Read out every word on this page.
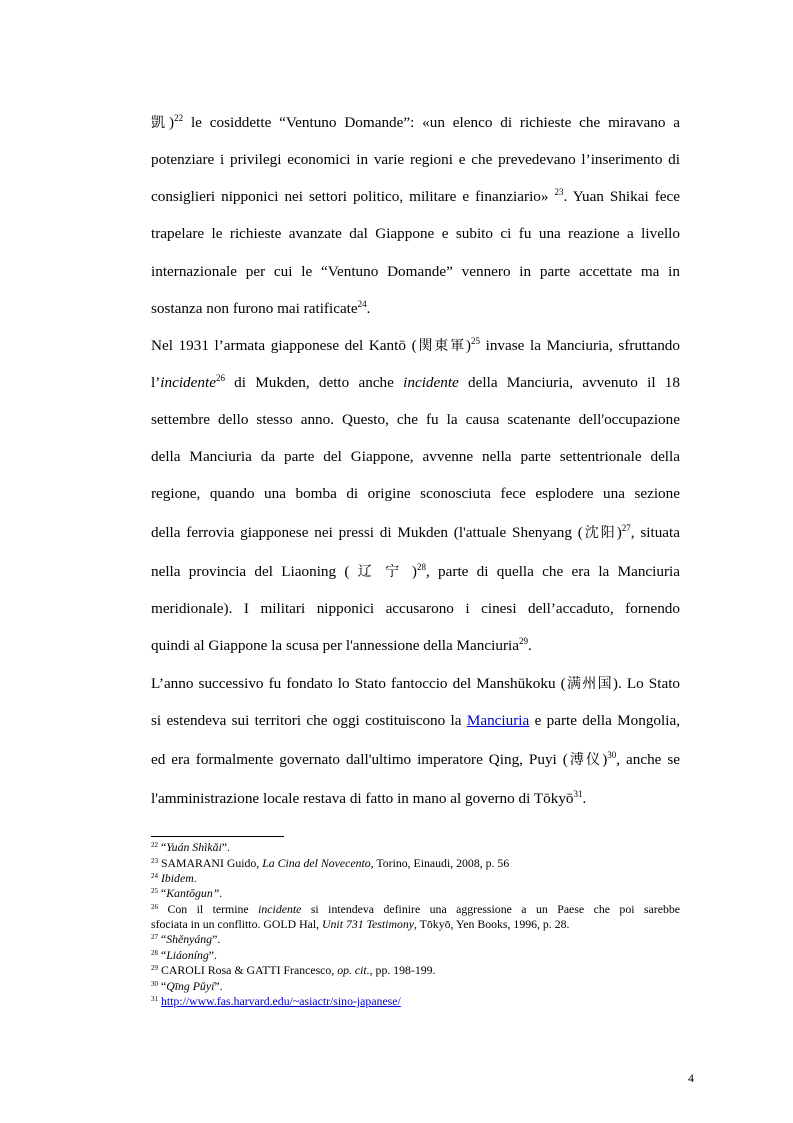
凱)$^{22}$ le cosiddette “Ventuno Domande”: «un elenco di richieste che miravano a
potenziare i privilegi economici in varie regioni e che prevedevano l’inserimento di
consiglieri nipponici nei settori politico, militare e finanziario» $^{23}$. Yuan Shikai fece
trapelare le richieste avanzate dal Giappone e subito ci fu una reazione a livello
internazionale per cui le “Ventuno Domande” vennero in parte accettate ma in
sostanza non furono mai ratificate$^{24}$.
Nel 1931 l’armata giapponese del Kantō (関東軍)$^{25}$ invase la Manciuria, sfruttando
l’incidente$^{26}$ di Mukden, detto anche incidente della Manciuria, avvenuto il 18
settembre dello stesso anno. Questo, che fu la causa scatenante dell'occupazione
della Manciuria da parte del Giappone, avvenne nella parte settentrionale della
regione, quando una bomba di origine sconosciuta fece esplodere una sezione
della ferrovia giapponese nei pressi di Mukden (l'attuale Shenyang (沈阳)$^{27}$, situata
nella provincia del Liaoning ( 辽 宁 )$^{28}$, parte di quella che era la Manciuria
meridionale). I militari nipponici accusarono i cinesi dell’accaduto, fornendo
quindi al Giappone la scusa per l'annessione della Manciuria$^{29}$.
L’anno successivo fu fondato lo Stato fantoccio del Manshūkoku (满州国). Lo Stato
si estendeva sui territori che oggi costituiscono la Manciuria e parte della Mongolia,
ed era formalmente governato dall'ultimo imperatore Qing, Puyi (溥仪)$^{30}$, anche se
l'amministrazione locale restava di fatto in mano al governo di Tōkyō$^{31}$.
$^{22}$ “Yuán Shìkǎi”.
$^{23}$ SAMARANI Guido, La Cina del Novecento, Torino, Einaudi, 2008, p. 56
$^{24}$ Ibidem.
$^{25}$ “Kantōgun”.
$^{26}$ Con il termine incidente si intendeva definire una aggressione a un Paese che poi sarebbe
sfociata in un conflitto. GOLD Hal, Unit 731 Testimony, Tōkyō, Yen Books, 1996, p. 28.
$^{27}$ “Shěnyáng”.
$^{28}$ “Liáoníng”.
$^{29}$ CAROLI Rosa & GATTI Francesco, op. cit., pp. 198-199.
$^{30}$ “Qīng Pǔyí”.
$^{31}$ http://www.fas.harvard.edu/~asiactr/sino-japanese/
4
